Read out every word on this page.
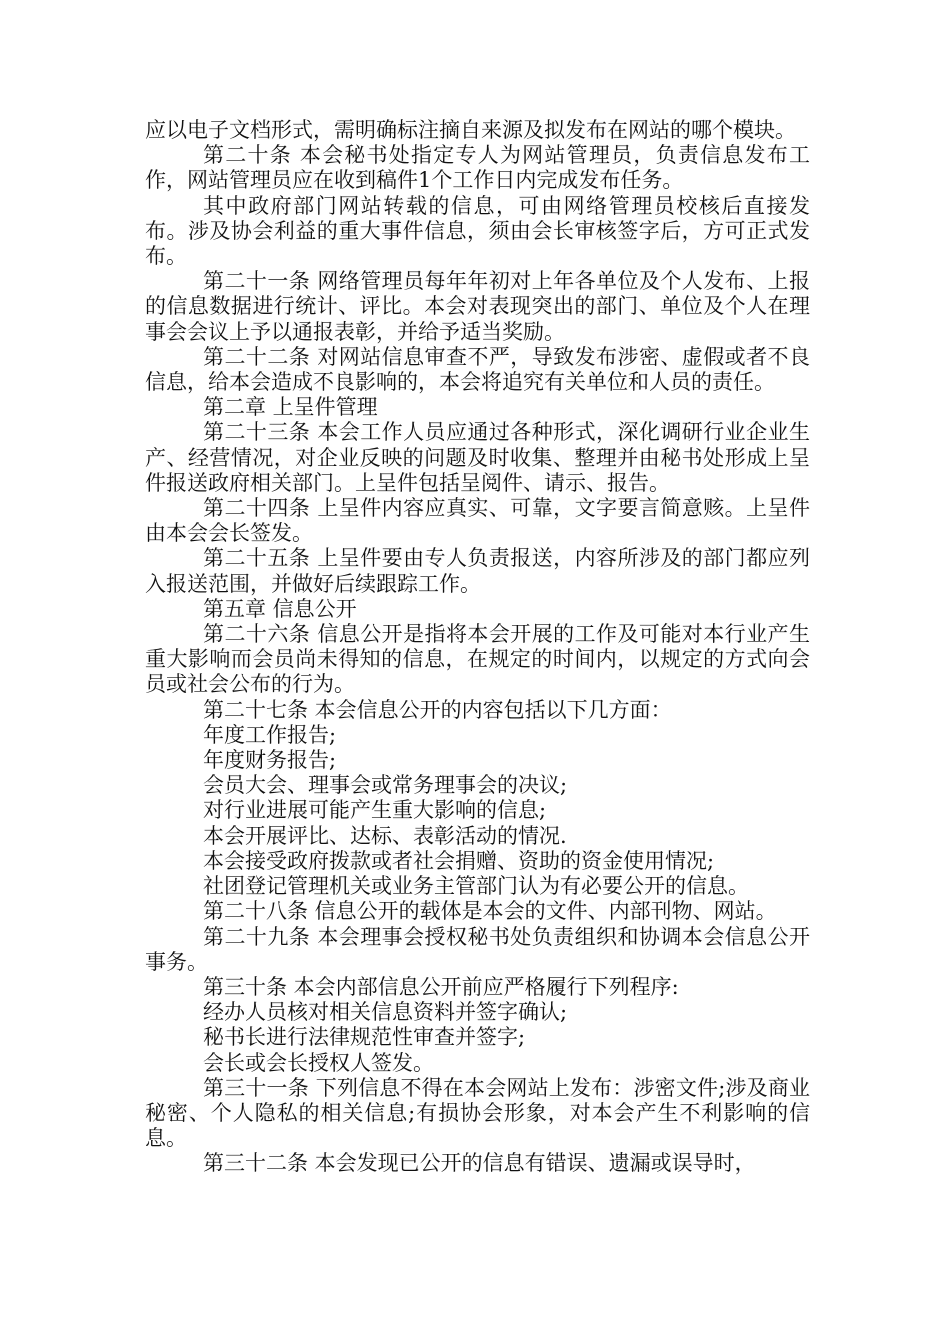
应以电子文档形式，需明确标注摘自来源及拟发布在网站的哪个模块。

第二十条 本会秘书处指定专人为网站管理员，负责信息发布工作，网站管理员应在收到稿件1个工作日内完成发布任务。

其中政府部门网站转载的信息，可由网络管理员校核后直接发布。涉及协会利益的重大事件信息，须由会长审核签字后，方可正式发布。

第二十一条 网络管理员每年年初对上年各单位及个人发布、上报的信息数据进行统计、评比。本会对表现突出的部门、单位及个人在理事会会议上予以通报表彰，并给予适当奖励。

第二十二条 对网站信息审查不严，导致发布涉密、虚假或者不良信息，给本会造成不良影响的，本会将追究有关单位和人员的责任。

第二章 上呈件管理

第二十三条 本会工作人员应通过各种形式，深化调研行业企业生产、经营情况，对企业反映的问题及时收集、整理并由秘书处形成上呈件报送政府相关部门。上呈件包括呈阅件、请示、报告。

第二十四条 上呈件内容应真实、可靠，文字要言简意赅。上呈件由本会会长签发。

第二十五条 上呈件要由专人负责报送，内容所涉及的部门都应列入报送范围，并做好后续跟踪工作。

第五章 信息公开

第二十六条 信息公开是指将本会开展的工作及可能对本行业产生重大影响而会员尚未得知的信息，在规定的时间内，以规定的方式向会员或社会公布的行为。

第二十七条 本会信息公开的内容包括以下几方面：

年度工作报告;

年度财务报告;

会员大会、理事会或常务理事会的决议;

对行业进展可能产生重大影响的信息;

本会开展评比、达标、表彰活动的情况.

本会接受政府拨款或者社会捐赠、资助的资金使用情况;

社团登记管理机关或业务主管部门认为有必要公开的信息。

第二十八条 信息公开的载体是本会的文件、内部刊物、网站。

第二十九条 本会理事会授权秘书处负责组织和协调本会信息公开事务。

第三十条 本会内部信息公开前应严格履行下列程序:

经办人员核对相关信息资料并签字确认;

秘书长进行法律规范性审查并签字;

会长或会长授权人签发。

第三十一条 下列信息不得在本会网站上发布：涉密文件;涉及商业秘密、个人隐私的相关信息;有损协会形象，对本会产生不利影响的信息。

第三十二条 本会发现已公开的信息有错误、遗漏或误导时，
